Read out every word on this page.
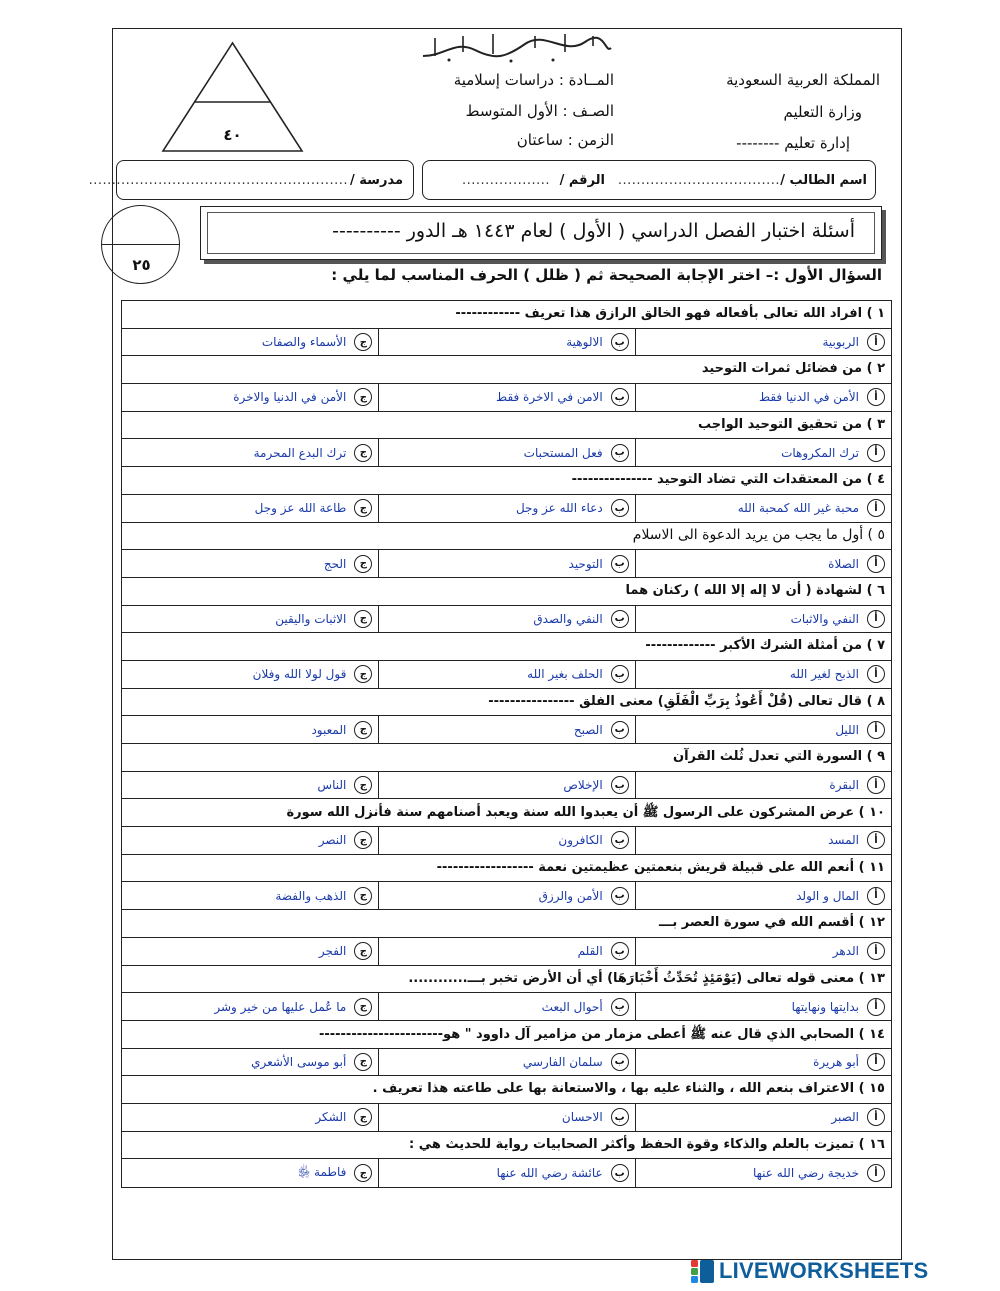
المملكة العربية السعودية
وزارة التعليم
إدارة تعليم --------
المــادة : دراسات إسلامية
الصـف : الأول المتوسط
الزمن : ساعتان
٤٠
اسم الطالب /
...................................
الرقم /
...................
مدرسة /
........................................................
أسئلة اختبار الفصل الدراسي ( الأول ) لعام ١٤٤٣ هـ الدور ----------
٢٥
السؤال الأول :– اختر الإجابة الصحيحة ثم ( ظلل ) الحرف المناسب لما يلي :
١ ) افراد الله تعالى بأفعاله فهو الخالق الرازق هذا تعريف ------------
أ
الربوبية
ب
الالوهية
ج
الأسماء والصفات
٢ ) من فضائل ثمرات التوحيد
أ
الأمن في الدنيا فقط
ب
الامن في الاخرة فقط
ج
الأمن في الدنيا والاخرة
٣ ) من تحقيق التوحيد الواجب
أ
ترك المكروهات
ب
فعل المستحبات
ج
ترك البدع المحرمة
٤ ) من المعتقدات التي تضاد التوحيد ---------------
أ
محبة غير الله كمحبة الله
ب
دعاء الله عز وجل
ج
طاعة الله عز وجل
٥ ) أول ما يجب من يريد الدعوة الى الاسلام
أ
الصلاة
ب
التوحيد
ج
الحج
٦ ) لشهادة ( أن لا إله إلا الله ) ركنان هما
أ
النفي والاثبات
ب
النفي والصدق
ج
الاثبات واليقين
٧ ) من أمثلة الشرك الأكبر -------------
أ
الذبح لغير الله
ب
الحلف بغير الله
ج
قول لولا الله وفلان
٨ ) قال تعالى (قُلْ أَعُوذُ بِرَبِّ الْفَلَقِ) معنى الفلق ----------------
أ
الليل
ب
الصبح
ج
المعبود
٩ ) السورة التي تعدل ثُلث القرآن
أ
البقرة
ب
الإخلاص
ج
الناس
١٠ ) عرض المشركون على الرسول ﷺ أن يعبدوا الله سنة ويعبد أصنامهم سنة فأنزل الله سورة
أ
المسد
ب
الكافرون
ج
النصر
١١ ) أنعم الله على قبيلة قريش بنعمتين عظيمتين نعمة ------------------
أ
المال و الولد
ب
الأمن والرزق
ج
الذهب والفضة
١٢ ) أقسم الله في سورة العصر بـــ
أ
الدهر
ب
القلم
ج
الفجر
١٣ ) معنى قوله تعالى (يَوْمَئِذٍ تُحَدِّثُ أَخْبَارَهَا) أي أن الأرض تخبر بـــ............
أ
بدايتها ونهايتها
ب
أحوال البعث
ج
ما عُمل عليها من خير وشر
١٤ ) الصحابي الذي قال عنه ﷺ أعطى مزمار من مزامير آل داوود " هو-----------------------
أ
أبو هريرة
ب
سلمان الفارسي
ج
أبو موسى الأشعري
١٥ ) الاعتراف بنعم الله ، والثناء عليه بها ، والاستعانة بها على طاعته هذا تعريف .
أ
الصبر
ب
الاحسان
ج
الشكر
١٦ ) تميزت بالعلم والذكاء وقوة الحفظ وأكثر الصحابيات رواية للحديث هي :
أ
خديجة رضي الله عنها
ب
عائشة رضي الله عنها
ج
فاطمة ﵂
LIVEWORKSHEETS
